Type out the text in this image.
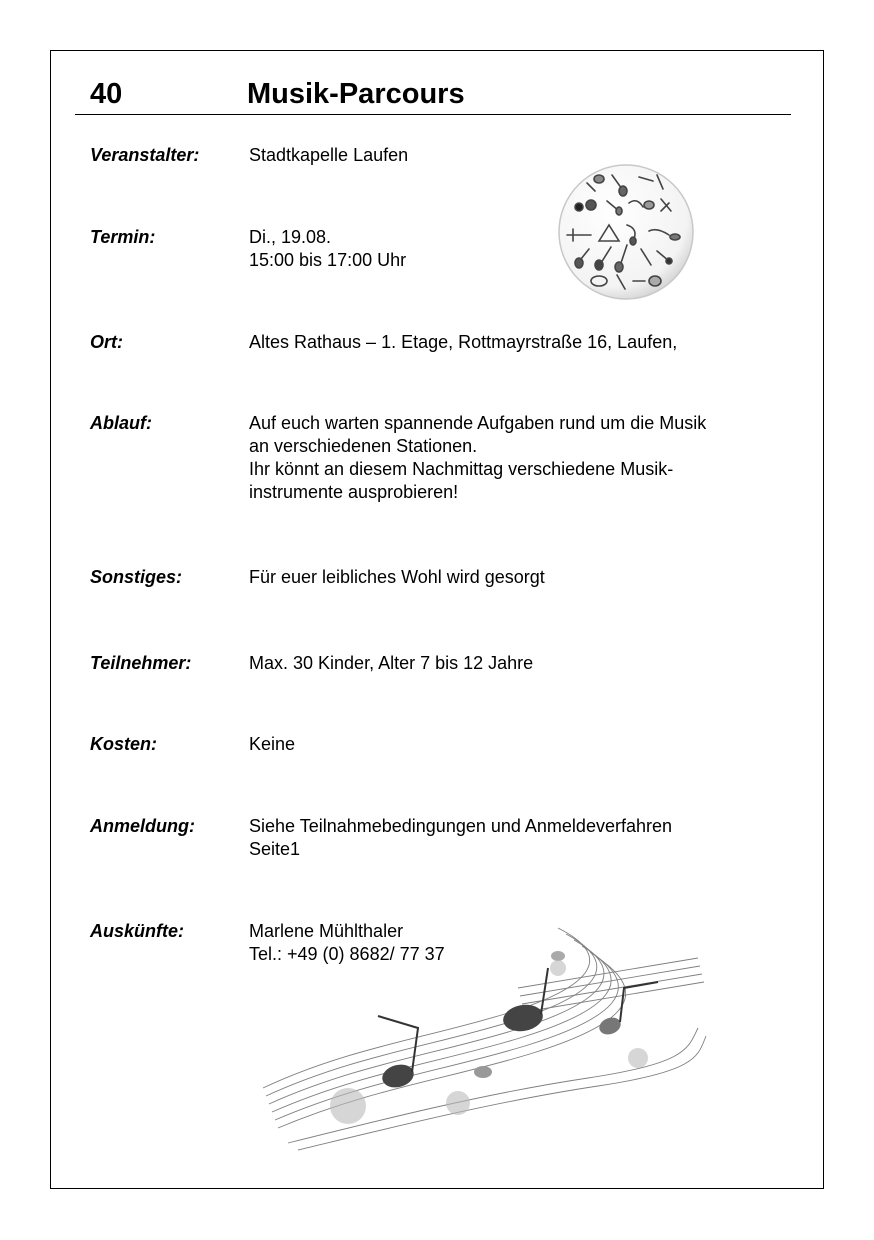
40	Musik-Parcours
Veranstalter:	Stadtkapelle Laufen
Termin:	Di., 19.08.
15:00 bis 17:00 Uhr
Ort:	Altes Rathaus – 1. Etage, Rottmayrstraße 16, Laufen,
Ablauf:	Auf euch warten spannende Aufgaben rund um die Musik
an verschiedenen Stationen.
Ihr könnt an diesem Nachmittag verschiedene Musik-
instrumente ausprobieren!
Sonstiges:	Für euer leibliches Wohl wird gesorgt
Teilnehmer:	Max. 30 Kinder, Alter 7 bis 12 Jahre
Kosten:	Keine
Anmeldung:	Siehe Teilnahmebedingungen und Anmeldeverfahren
Seite1
Auskünfte:	Marlene Mühlthaler
Tel.: +49 (0) 8682/ 77 37
